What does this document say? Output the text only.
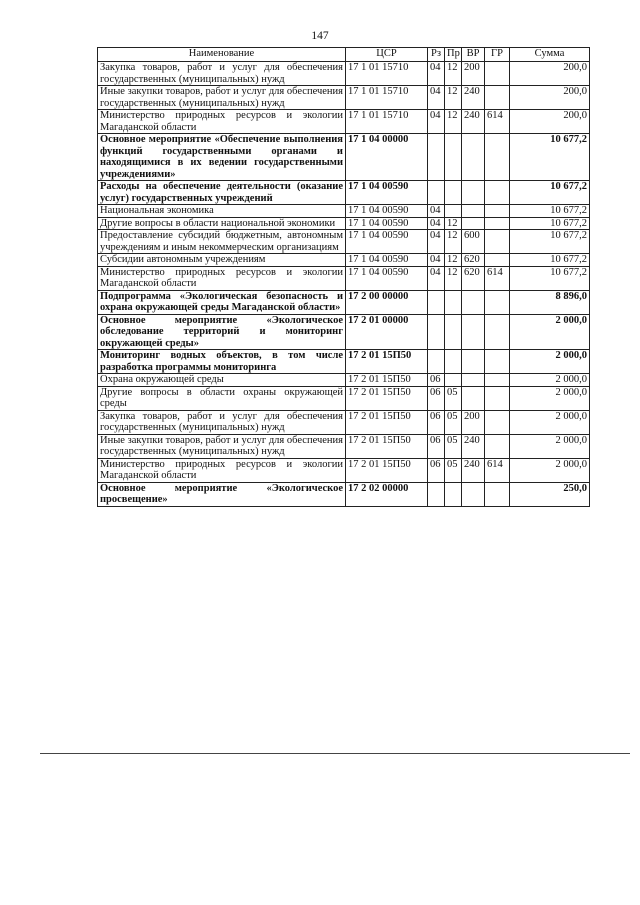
147
Наименование	ЦСР	Рз	Пр	ВР	ГР	Сумма
Закупка товаров, работ и услуг для обеспечения государственных (муниципальных) нужд	17 1 01 15710	04	12	200		200,0
Иные закупки товаров, работ и услуг для обеспечения государственных (муниципальных) нужд	17 1 01 15710	04	12	240		200,0
Министерство природных ресурсов и экологии Магаданской области	17 1 01 15710	04	12	240	614	200,0
Основное мероприятие «Обеспечение выполнения функций государственными органами и находящимися в их ведении государственными учреждениями»	17 1 04 00000					10 677,2
Расходы на обеспечение деятельности (оказание услуг) государственных учреждений	17 1 04 00590					10 677,2
Национальная экономика	17 1 04 00590	04				10 677,2
Другие вопросы в области национальной экономики	17 1 04 00590	04	12			10 677,2
Предоставление субсидий бюджетным, автономным учреждениям и иным некоммерческим организациям	17 1 04 00590	04	12	600		10 677,2
Субсидии автономным учреждениям	17 1 04 00590	04	12	620		10 677,2
Министерство природных ресурсов и экологии Магаданской области	17 1 04 00590	04	12	620	614	10 677,2
Подпрограмма «Экологическая безопасность и охрана окружающей среды Магаданской области»	17 2 00 00000					8 896,0
Основное мероприятие «Экологическое обследование территорий и мониторинг окружающей среды»	17 2 01 00000					2 000,0
Мониторинг водных объектов, в том числе разработка программы мониторинга	17 2 01 15П50					2 000,0
Охрана окружающей среды	17 2 01 15П50	06				2 000,0
Другие вопросы в области охраны окружающей среды	17 2 01 15П50	06	05			2 000,0
Закупка товаров, работ и услуг для обеспечения государственных (муниципальных) нужд	17 2 01 15П50	06	05	200		2 000,0
Иные закупки товаров, работ и услуг для обеспечения государственных (муниципальных) нужд	17 2 01 15П50	06	05	240		2 000,0
Министерство природных ресурсов и экологии Магаданской области	17 2 01 15П50	06	05	240	614	2 000,0
Основное мероприятие «Экологическое просвещение»	17 2 02 00000					250,0
